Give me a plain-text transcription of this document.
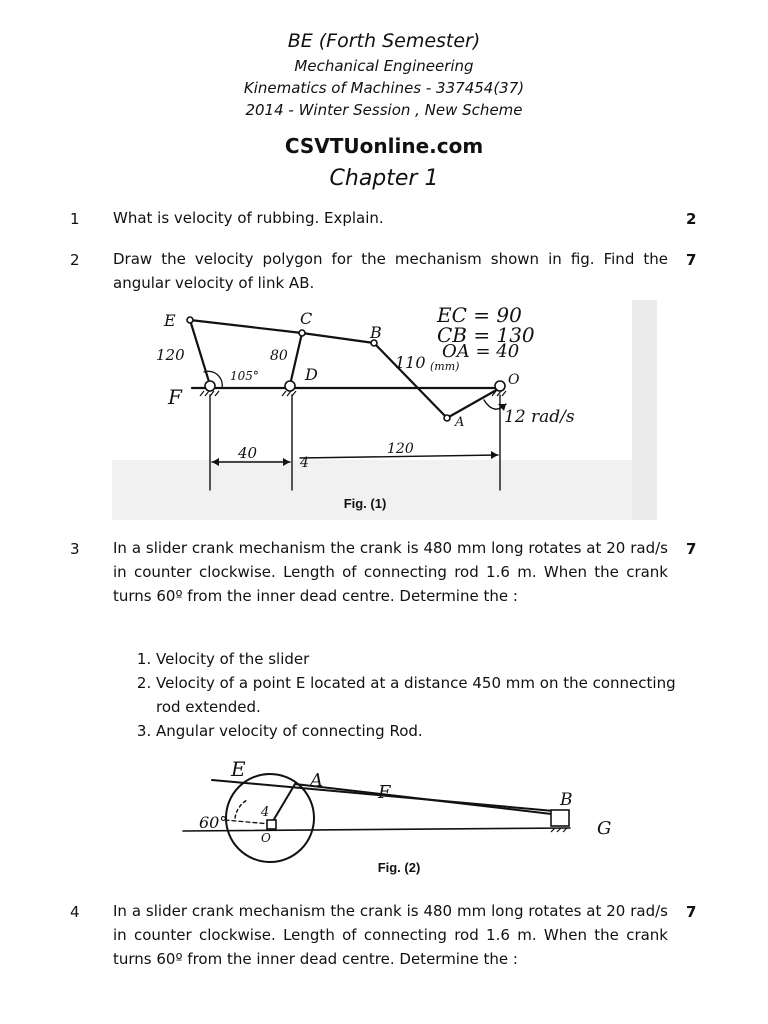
BE (Forth Semester)
Mechanical Engineering
Kinematics of Machines - 337454(37)
2014 - Winter Session , New Scheme
CSVTUonline.com
Chapter 1
1 What is velocity of rubbing. Explain.	2
2 Draw the velocity polygon for the mechanism shown in fig. Find the angular velocity of link AB.
7
E	C
B
F
D
A
O
120	80
105°
110
40	120
4
EC = 90
CB = 130
OA = 40
(mm)
12 rad/s
Fig. (1)
3 In a slider crank mechanism the crank is 480 mm long rotates at 20 rad/s in counter clockwise. Length of connecting rod 1.6 m. When the crank turns 60º from the inner dead centre. Determine the :
7
1. Velocity of the slider
2. Velocity of a point E located at a distance 450 mm on the connecting rod extended.
3. Angular velocity of connecting Rod.
E	A
F	B
G
60°
O
4
Fig. (2)
4 In a slider crank mechanism the crank is 480 mm long rotates at 20 rad/s in counter clockwise. Length of connecting rod 1.6 m. When the crank turns 60º from the inner dead centre. Determine the :
7
